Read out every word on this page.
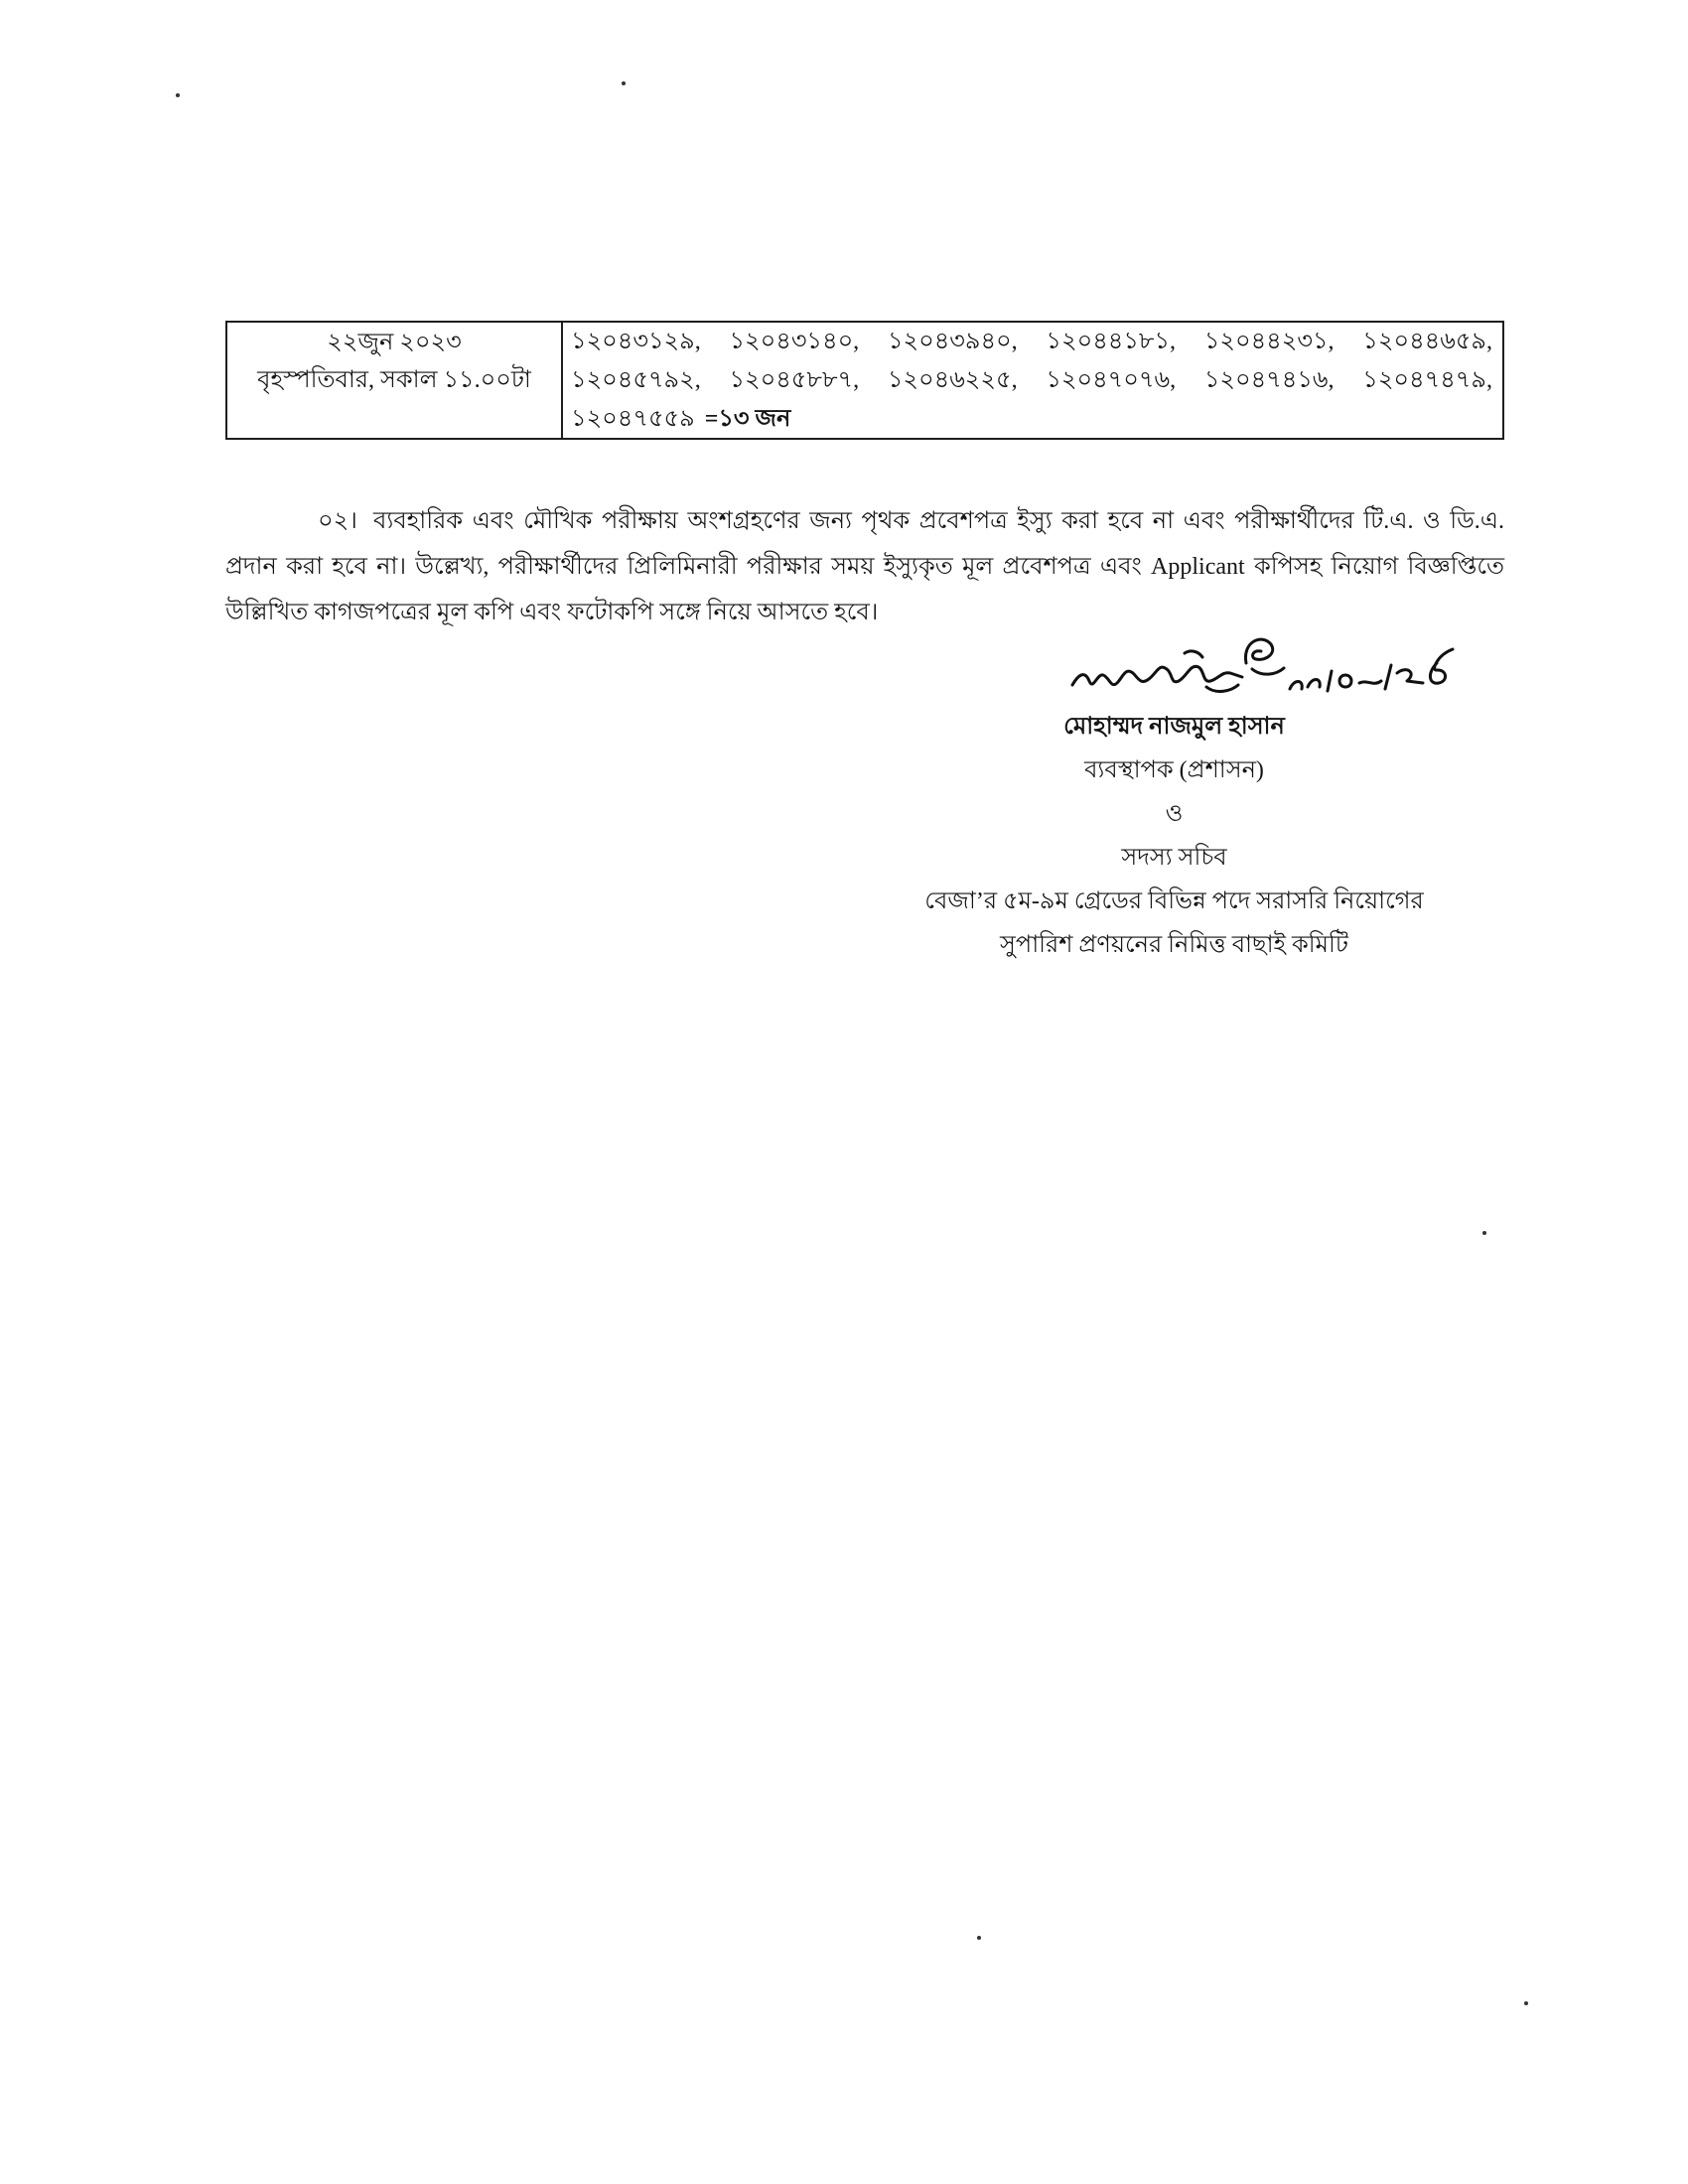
২২জুন ২০২৩
বৃহস্পতিবার, সকাল ১১.০০টা
১২০৪৩১২৯, ১২০৪৩১৪০, ১২০৪৩৯৪০, ১২০৪৪১৮১, ১২০৪৪২৩১, ১২০৪৪৬৫৯,
১২০৪৫৭৯২, ১২০৪৫৮৮৭, ১২০৪৬২২৫, ১২০৪৭০৭৬, ১২০৪৭৪১৬, ১২০৪৭৪৭৯,
১২০৪৭৫৫৯ =১৩ জন

০২। ব্যবহারিক এবং মৌখিক পরীক্ষায় অংশগ্রহণের জন্য পৃথক প্রবেশপত্র ইস্যু করা হবে না এবং পরীক্ষার্থীদের টি.এ. ও ডি.এ. প্রদান করা হবে না। উল্লেখ্য, পরীক্ষার্থীদের প্রিলিমিনারী পরীক্ষার সময় ইস্যুকৃত মূল প্রবেশপত্র এবং Applicant কপিসহ নিয়োগ বিজ্ঞপ্তিতে উল্লিখিত কাগজপত্রের মূল কপি এবং ফটোকপি সঙ্গে নিয়ে আসতে হবে।

মোহাম্মদ নাজমুল হাসান
ব্যবস্থাপক (প্রশাসন)
ও
সদস্য সচিব
বেজা’র ৫ম-৯ম গ্রেডের বিভিন্ন পদে সরাসরি নিয়োগের
সুপারিশ প্রণয়নের নিমিত্ত বাছাই কমিটি
